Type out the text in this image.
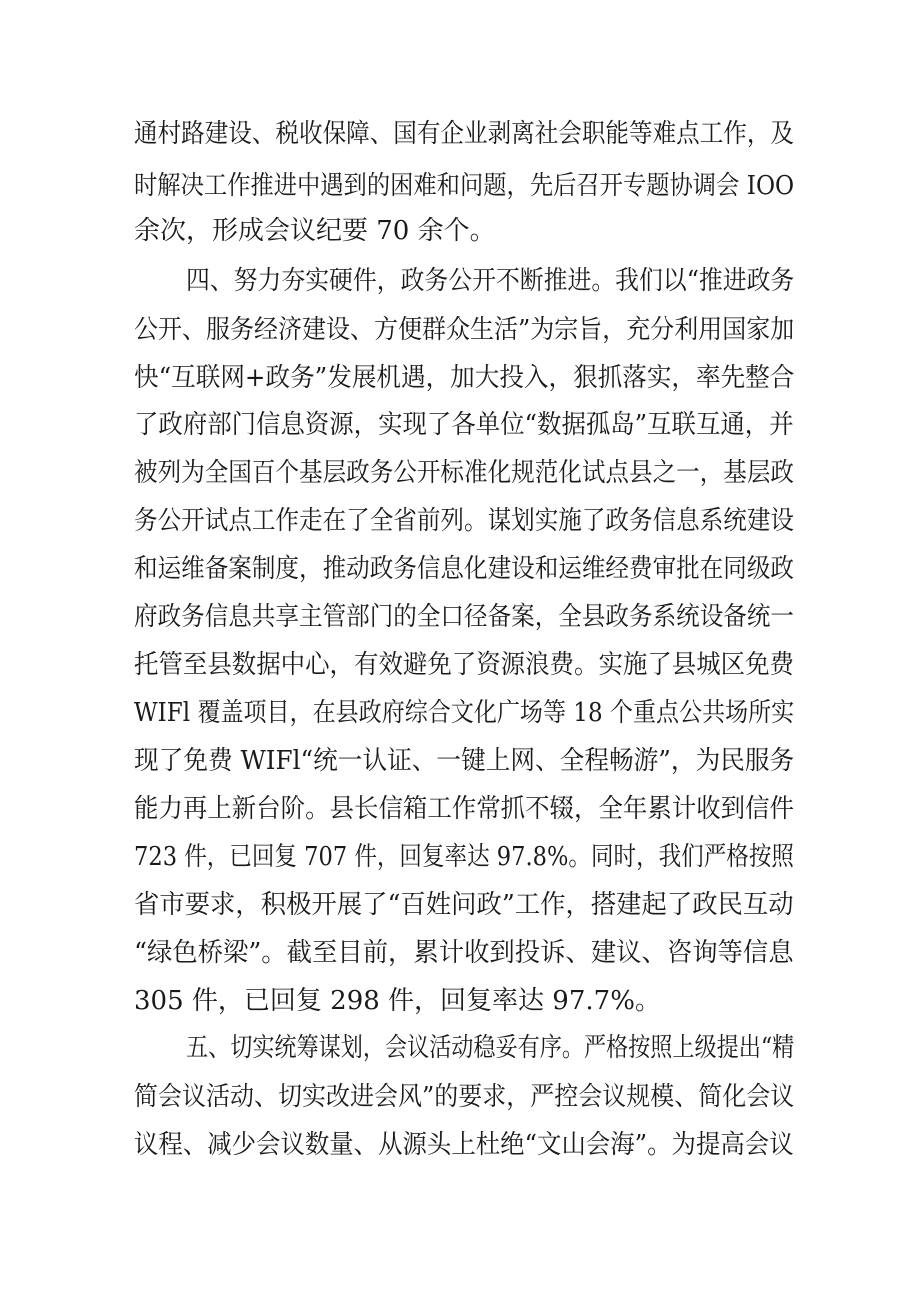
通村路建设、税收保障、国有企业剥离社会职能等难点工作，及
时解决工作推进中遇到的困难和问题，先后召开专题协调会 IOO
余次，形成会议纪要 70 余个。
四、努力夯实硬件，政务公开不断推进。我们以“推进政务
公开、服务经济建设、方便群众生活”为宗旨，充分利用国家加
快“互联网+政务”发展机遇，加大投入，狠抓落实，率先整合
了政府部门信息资源，实现了各单位“数据孤岛”互联互通，并
被列为全国百个基层政务公开标准化规范化试点县之一，基层政
务公开试点工作走在了全省前列。谋划实施了政务信息系统建设
和运维备案制度，推动政务信息化建设和运维经费审批在同级政
府政务信息共享主管部门的全口径备案，全县政务系统设备统一
托管至县数据中心，有效避免了资源浪费。实施了县城区免费
WIFl 覆盖项目，在县政府综合文化广场等 18 个重点公共场所实
现了免费 WIFl“统一认证、一键上网、全程畅游”，为民服务
能力再上新台阶。县长信箱工作常抓不辍，全年累计收到信件
723 件，已回复 707 件，回复率达 97.8%。同时，我们严格按照
省市要求，积极开展了“百姓问政”工作，搭建起了政民互动
“绿色桥梁”。截至目前，累计收到投诉、建议、咨询等信息
305 件，已回复 298 件，回复率达 97.7%。
五、切实统筹谋划，会议活动稳妥有序。严格按照上级提出“精
简会议活动、切实改进会风”的要求，严控会议规模、简化会议
议程、减少会议数量、从源头上杜绝“文山会海”。为提高会议
